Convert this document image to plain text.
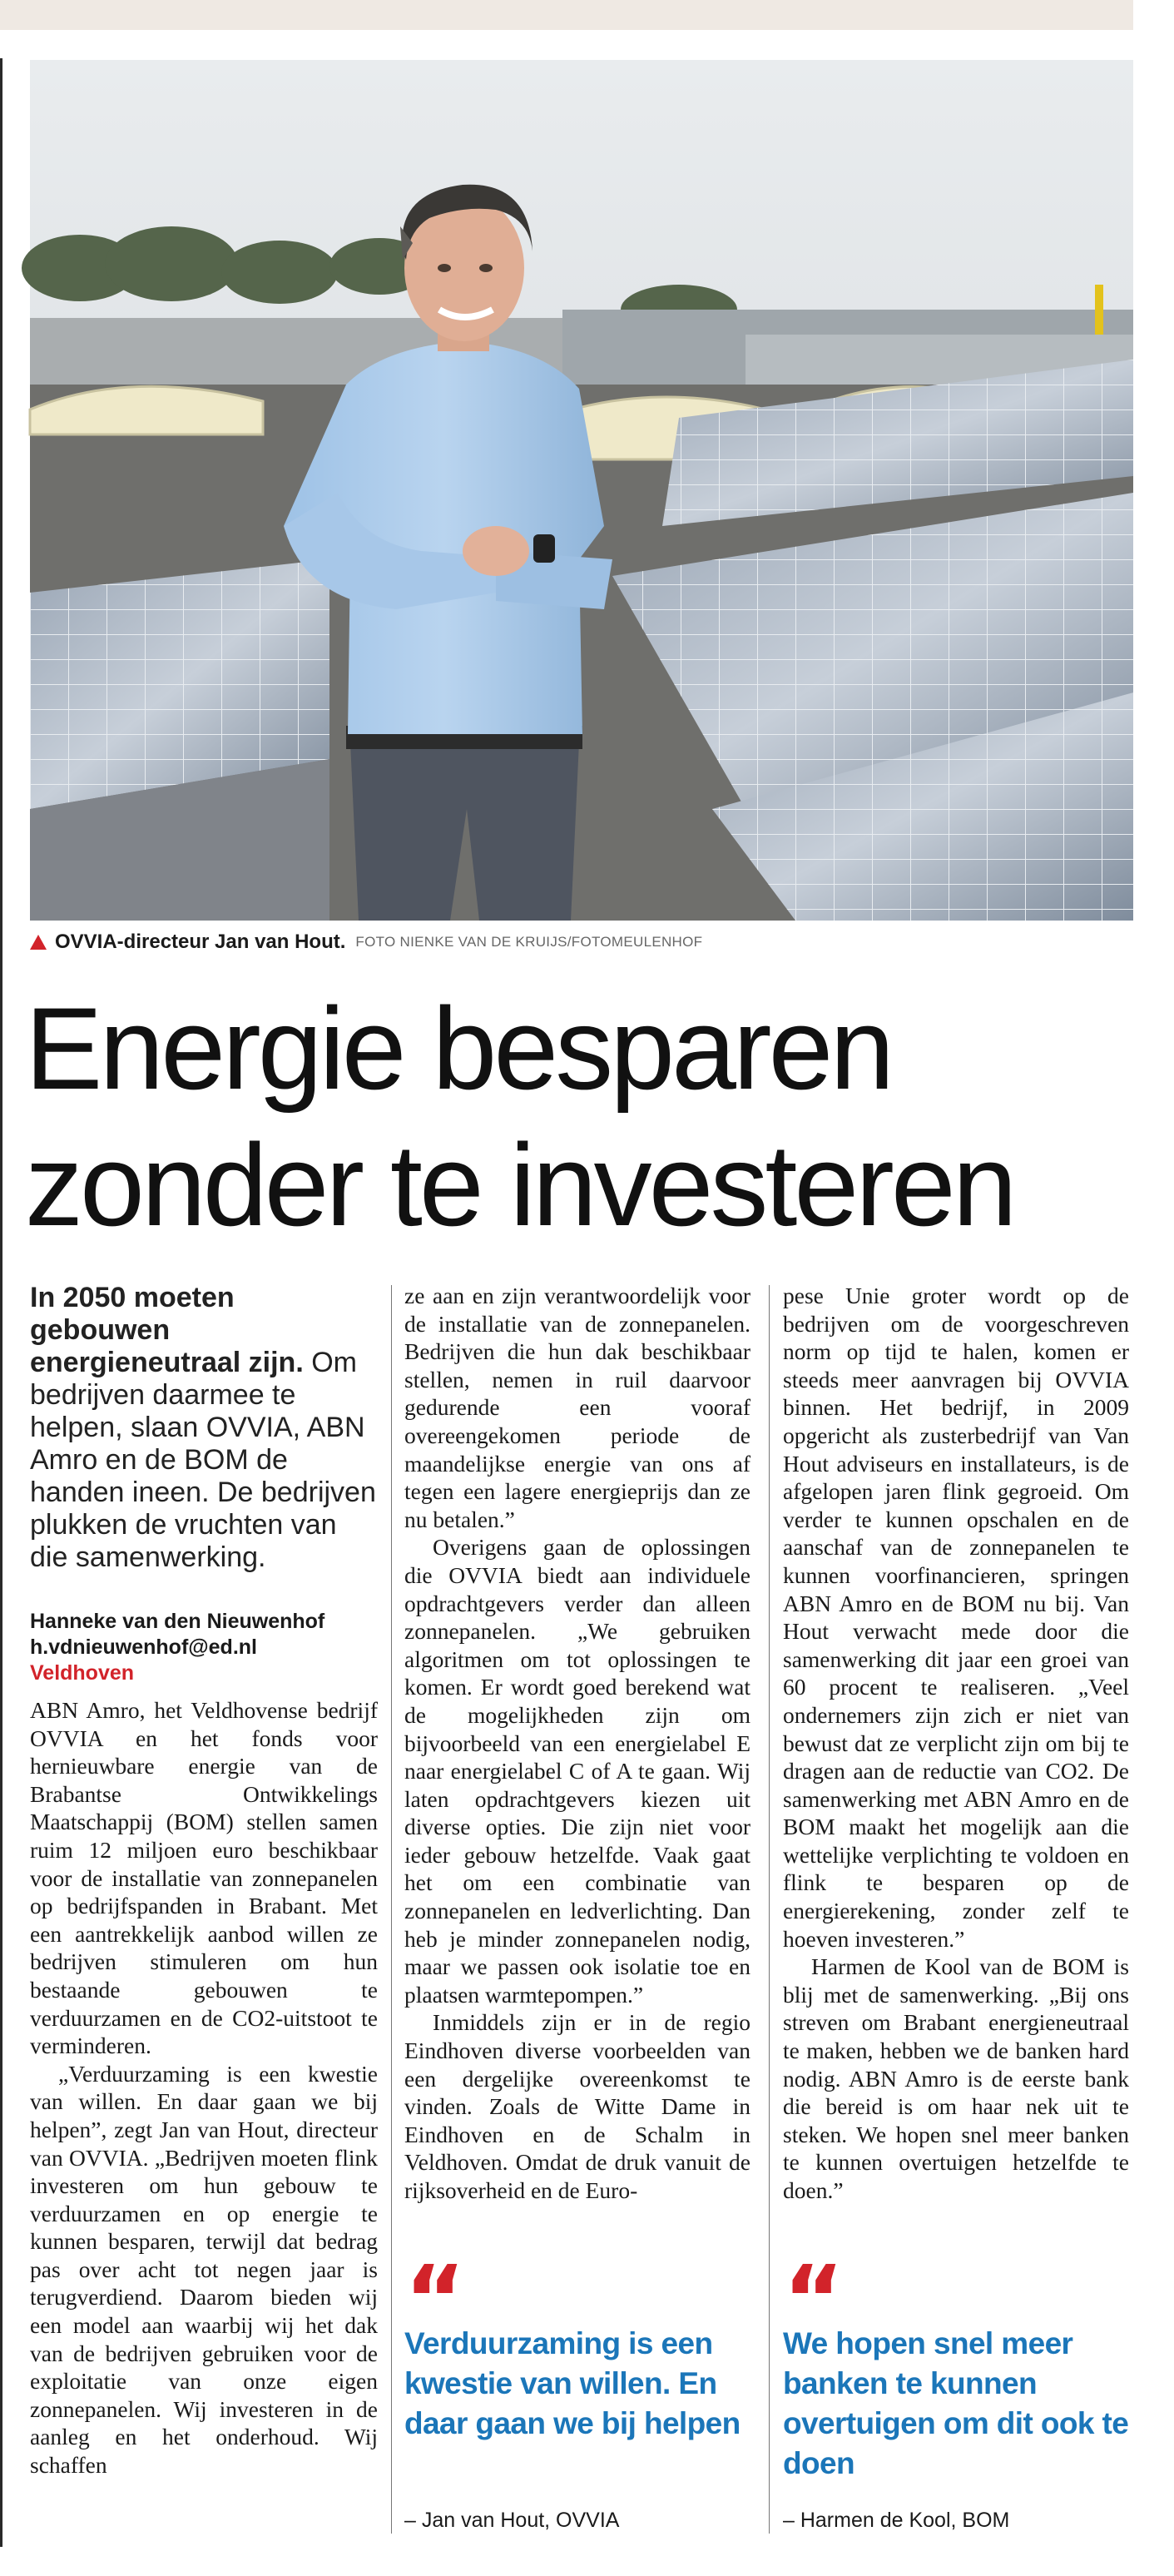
OVVIA-directeur Jan van Hout. FOTO NIENKE VAN DE KRUIJS/FOTOMEULENHOF
Energie besparen
zonder te investeren

In 2050 moeten gebouwen energieneutraal zijn. Om bedrijven daarmee te helpen, slaan OVVIA, ABN Amro en de BOM de handen ineen. De bedrijven plukken de vruchten van die samenwerking.

Hanneke van den Nieuwenhof
h.vdnieuwenhof@ed.nl
Veldhoven

ABN Amro, het Veldhovense bedrijf OVVIA en het fonds voor hernieuwbare energie van de Brabantse Ontwikkelings Maatschappij (BOM) stellen samen ruim 12 miljoen euro beschikbaar voor de installatie van zonnepanelen op bedrijfspanden in Brabant. Met een aantrekkelijk aanbod willen ze bedrijven stimuleren om hun bestaande gebouwen te verduurzamen en de CO2-uitstoot te verminderen.

„Verduurzaming is een kwestie van willen. En daar gaan we bij helpen”, zegt Jan van Hout, directeur van OVVIA. „Bedrijven moeten flink investeren om hun gebouw te verduurzamen en op energie te kunnen besparen, terwijl dat bedrag pas over acht tot negen jaar is terugverdiend. Daarom bieden wij een model aan waarbij wij het dak van de bedrijven gebruiken voor de exploitatie van onze eigen zonnepanelen. Wij investeren in de aanleg en het onderhoud. Wij schaffen

ze aan en zijn verantwoordelijk voor de installatie van de zonnepanelen. Bedrijven die hun dak beschikbaar stellen, nemen in ruil daarvoor gedurende een vooraf overeengekomen periode de maandelijkse energie van ons af tegen een lagere energieprijs dan ze nu betalen.”

Overigens gaan de oplossingen die OVVIA biedt aan individuele opdrachtgevers verder dan alleen zonnepanelen. „We gebruiken algoritmen om tot oplossingen te komen. Er wordt goed berekend wat de mogelijkheden zijn om bijvoorbeeld van een energielabel E naar energielabel C of A te gaan. Wij laten opdrachtgevers kiezen uit diverse opties. Die zijn niet voor ieder gebouw hetzelfde. Vaak gaat het om een combinatie van zonnepanelen en ledverlichting. Dan heb je minder zonnepanelen nodig, maar we passen ook isolatie toe en plaatsen warmtepompen.”

Inmiddels zijn er in de regio Eindhoven diverse voorbeelden van een dergelijke overeenkomst te vinden. Zoals de Witte Dame in Eindhoven en de Schalm in Veldhoven. Omdat de druk vanuit de rijksoverheid en de Euro-

pese Unie groter wordt op de bedrijven om de voorgeschreven norm op tijd te halen, komen er steeds meer aanvragen bij OVVIA binnen. Het bedrijf, in 2009 opgericht als zusterbedrijf van Van Hout adviseurs en installateurs, is de afgelopen jaren flink gegroeid. Om verder te kunnen opschalen en de aanschaf van de zonnepanelen te kunnen voorfinancieren, springen ABN Amro en de BOM nu bij. Van Hout verwacht mede door die samenwerking dit jaar een groei van 60 procent te realiseren. „Veel ondernemers zijn zich er niet van bewust dat ze verplicht zijn om bij te dragen aan de reductie van CO2. De samenwerking met ABN Amro en de BOM maakt het mogelijk aan die wettelijke verplichting te voldoen en flink te besparen op de energierekening, zonder zelf te hoeven investeren.”

Harmen de Kool van de BOM is blij met de samenwerking. „Bij ons streven om Brabant energieneutraal te maken, hebben we de banken hard nodig. ABN Amro is de eerste bank die bereid is om haar nek uit te steken. We hopen snel meer banken te kunnen overtuigen hetzelfde te doen.”

“
Verduurzaming is een kwestie van willen. En daar gaan we bij helpen
– Jan van Hout, OVVIA
“
We hopen snel meer banken te kunnen overtuigen om dit ook te doen
– Harmen de Kool, BOM
